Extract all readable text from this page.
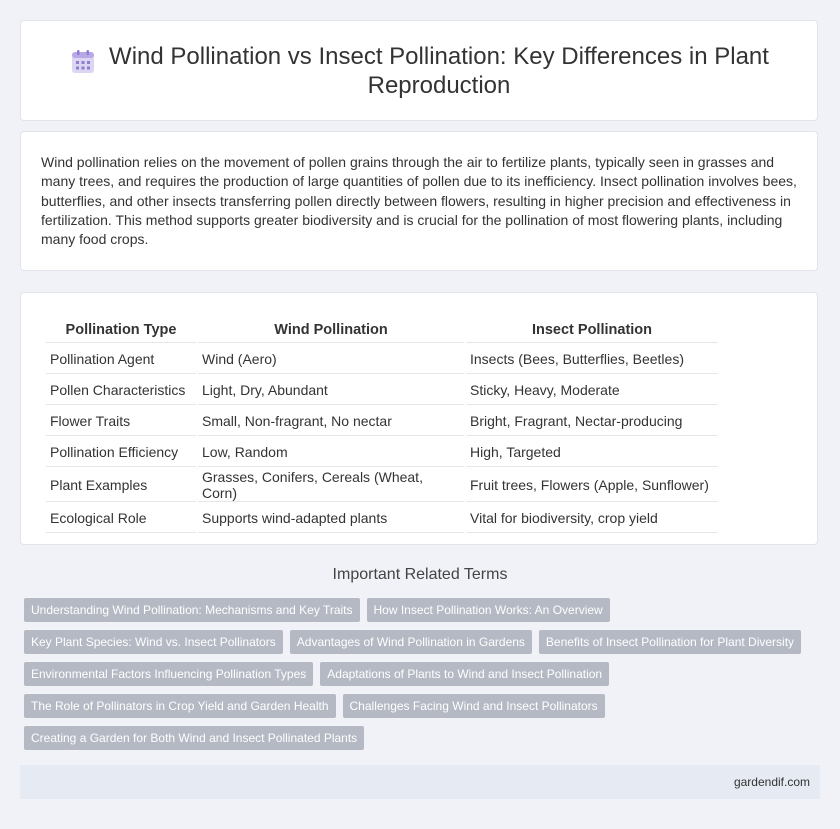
Wind Pollination vs Insect Pollination: Key Differences in Plant Reproduction

Wind pollination relies on the movement of pollen grains through the air to fertilize plants, typically seen in grasses and many trees, and requires the production of large quantities of pollen due to its inefficiency. Insect pollination involves bees, butterflies, and other insects transferring pollen directly between flowers, resulting in higher precision and effectiveness in fertilization. This method supports greater biodiversity and is crucial for the pollination of most flowering plants, including many food crops.

Pollination Type	Wind Pollination	Insect Pollination
Pollination Agent	Wind (Aero)	Insects (Bees, Butterflies, Beetles)
Pollen Characteristics	Light, Dry, Abundant	Sticky, Heavy, Moderate
Flower Traits	Small, Non-fragrant, No nectar	Bright, Fragrant, Nectar-producing
Pollination Efficiency	Low, Random	High, Targeted
Plant Examples	Grasses, Conifers, Cereals (Wheat, Corn)	Fruit trees, Flowers (Apple, Sunflower)
Ecological Role	Supports wind-adapted plants	Vital for biodiversity, crop yield
Important Related Terms
Understanding Wind Pollination: Mechanisms and Key Traits	How Insect Pollination Works: An Overview
Key Plant Species: Wind vs. Insect Pollinators	Advantages of Wind Pollination in Gardens	Benefits of Insect Pollination for Plant Diversity
Environmental Factors Influencing Pollination Types	Adaptations of Plants to Wind and Insect Pollination
The Role of Pollinators in Crop Yield and Garden Health	Challenges Facing Wind and Insect Pollinators
Creating a Garden for Both Wind and Insect Pollinated Plants
gardendif.com
